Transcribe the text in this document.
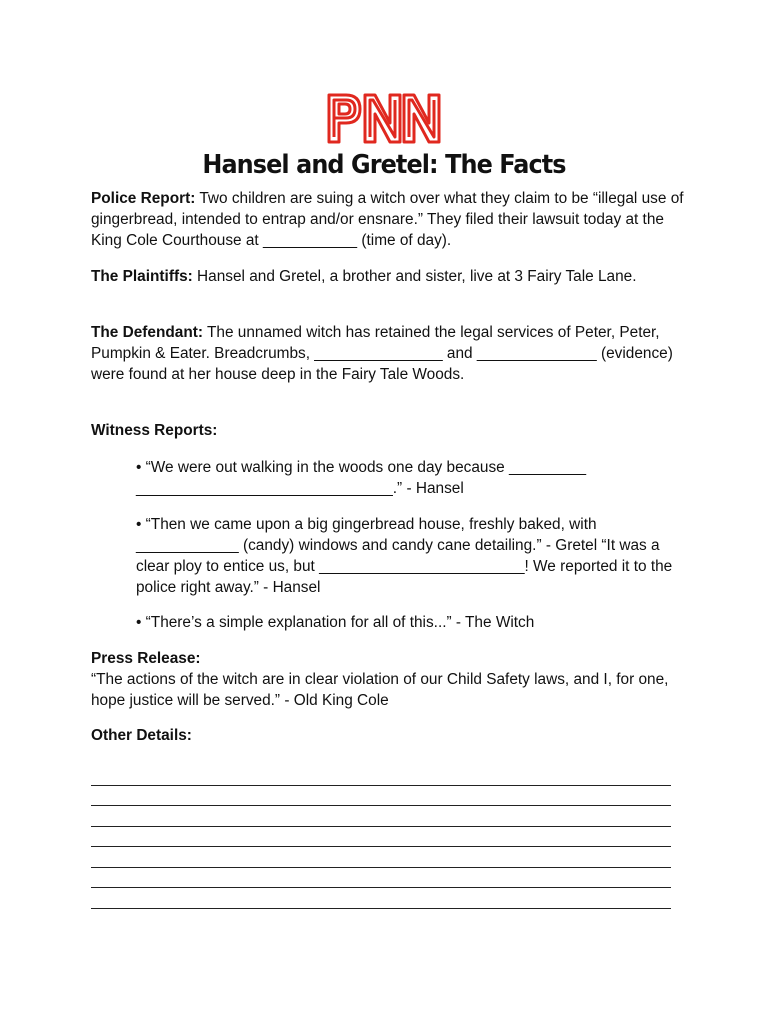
Hansel and Gretel: The Facts
Police Report: Two children are suing a witch over what they claim to be “illegal use of gingerbread, intended to entrap and/or ensnare.” They filed their lawsuit today at the King Cole Courthouse at ___________ (time of day).
The Plaintiffs: Hansel and Gretel, a brother and sister, live at 3 Fairy Tale Lane.
The Defendant: The unnamed witch has retained the legal services of Peter, Peter, Pumpkin & Eater. Breadcrumbs, _______________ and ______________ (evidence) were found at her house deep in the Fairy Tale Woods.
Witness Reports:
• “We were out walking in the woods one day because _________ ______________________________.” - Hansel
• “Then we came upon a big gingerbread house, freshly baked, with ____________ (candy) windows and candy cane detailing.” - Gretel “It was a clear ploy to entice us, but ________________________! We reported it to the police right away.” - Hansel
• “There’s a simple explanation for all of this...” - The Witch
Press Release:
“The actions of the witch are in clear violation of our Child Safety laws, and I, for one, hope justice will be served.” - Old King Cole
Other Details:
